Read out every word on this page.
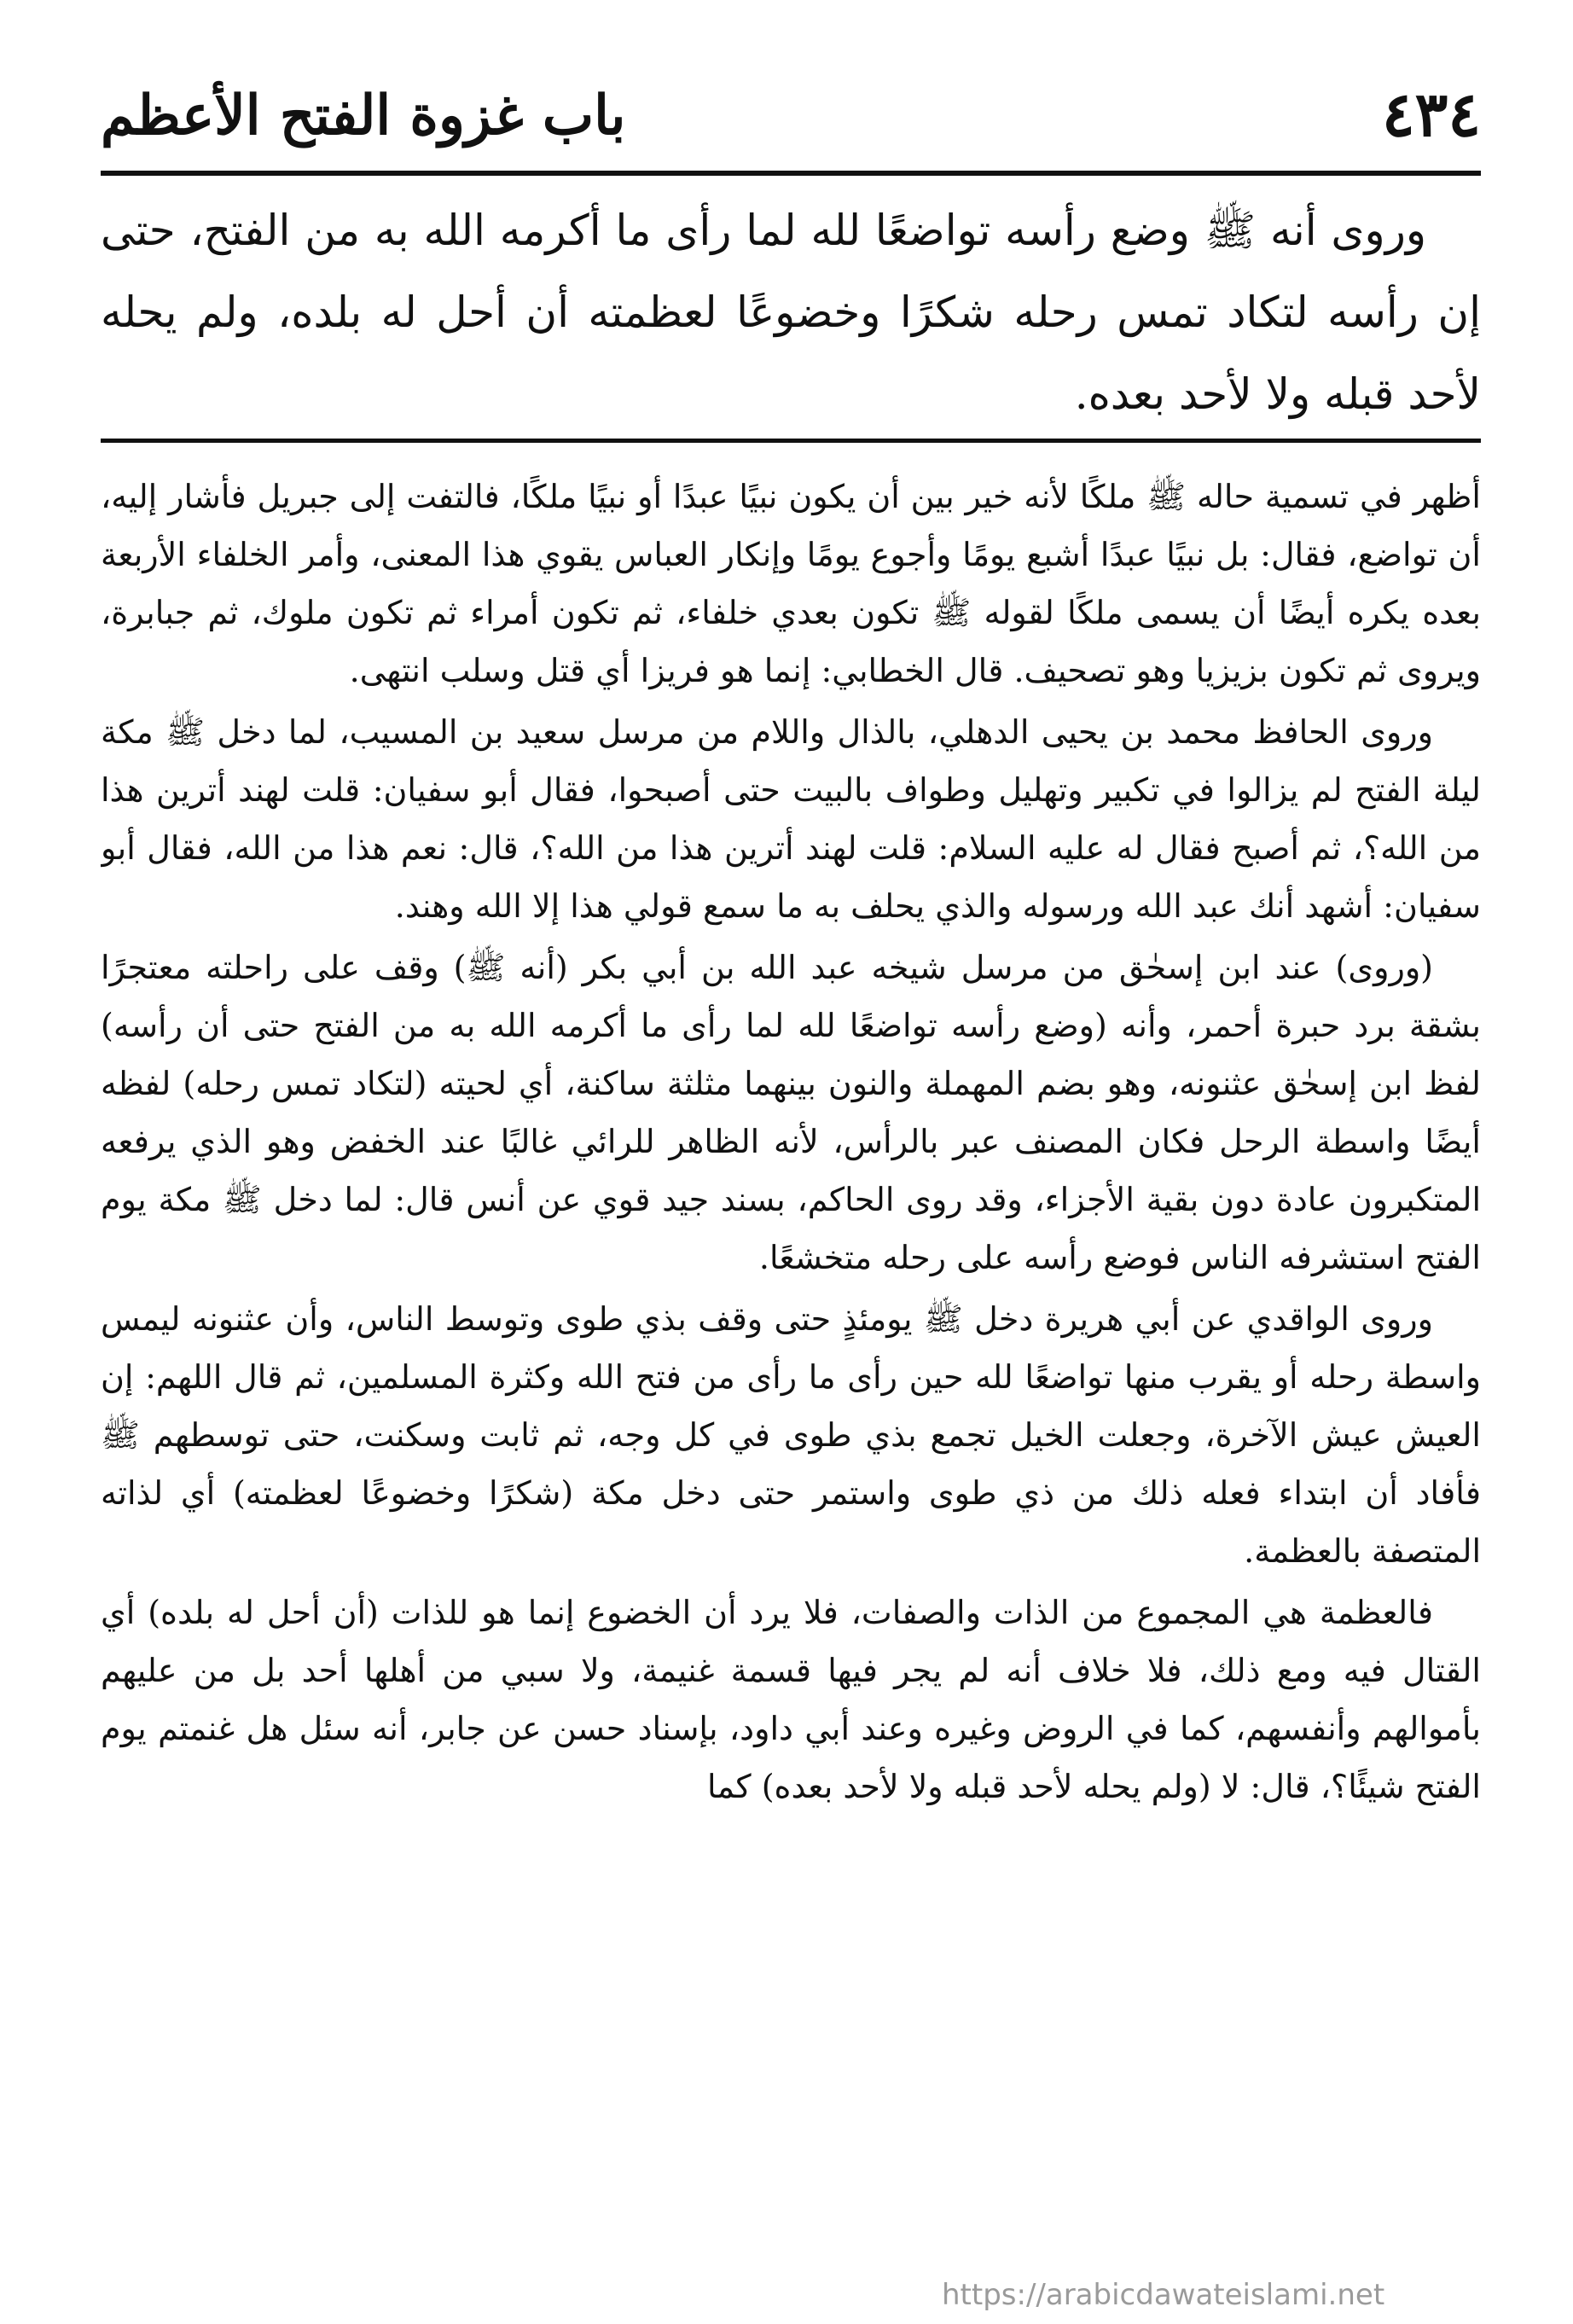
٤٣٤
باب غزوة الفتح الأعظم

وروى أنه ﷺ وضع رأسه تواضعًا لله لما رأى ما أكرمه الله به من الفتح، حتى إن رأسه لتكاد تمس رحله شكرًا وخضوعًا لعظمته أن أحل له بلده، ولم يحله لأحد قبله ولا لأحد بعده.

أظهر في تسمية حاله ﷺ ملكًا لأنه خير بين أن يكون نبيًا عبدًا أو نبيًا ملكًا، فالتفت إلى جبريل فأشار إليه، أن تواضع، فقال: بل نبيًا عبدًا أشبع يومًا وأجوع يومًا وإنكار العباس يقوي هذا المعنى، وأمر الخلفاء الأربعة بعده يكره أيضًا أن يسمى ملكًا لقوله ﷺ تكون بعدي خلفاء، ثم تكون أمراء ثم تكون ملوك، ثم جبابرة، ويروى ثم تكون بزيزيا وهو تصحيف. قال الخطابي: إنما هو فريزا أي قتل وسلب انتهى.

وروى الحافظ محمد بن يحيى الدهلي، بالذال واللام من مرسل سعيد بن المسيب، لما دخل ﷺ مكة ليلة الفتح لم يزالوا في تكبير وتهليل وطواف بالبيت حتى أصبحوا، فقال أبو سفيان: قلت لهند أترين هذا من الله؟، ثم أصبح فقال له عليه السلام: قلت لهند أترين هذا من الله؟، قال: نعم هذا من الله، فقال أبو سفيان: أشهد أنك عبد الله ورسوله والذي يحلف به ما سمع قولي هذا إلا الله وهند.

(وروى) عند ابن إسحٰق من مرسل شيخه عبد الله بن أبي بكر (أنه ﷺ) وقف على راحلته معتجرًا بشقة برد حبرة أحمر، وأنه (وضع رأسه تواضعًا لله لما رأى ما أكرمه الله به من الفتح حتى أن رأسه) لفظ ابن إسحٰق عثنونه، وهو بضم المهملة والنون بينهما مثلثة ساكنة، أي لحيته (لتكاد تمس رحله) لفظه أيضًا واسطة الرحل فكان المصنف عبر بالرأس، لأنه الظاهر للرائي غالبًا عند الخفض وهو الذي يرفعه المتكبرون عادة دون بقية الأجزاء، وقد روى الحاكم، بسند جيد قوي عن أنس قال: لما دخل ﷺ مكة يوم الفتح استشرفه الناس فوضع رأسه على رحله متخشعًا.

وروى الواقدي عن أبي هريرة دخل ﷺ يومئذٍ حتى وقف بذي طوى وتوسط الناس، وأن عثنونه ليمس واسطة رحله أو يقرب منها تواضعًا لله حين رأى ما رأى من فتح الله وكثرة المسلمين، ثم قال اللهم: إن العيش عيش الآخرة، وجعلت الخيل تجمع بذي طوى في كل وجه، ثم ثابت وسكنت، حتى توسطهم ﷺ فأفاد أن ابتداء فعله ذلك من ذي طوى واستمر حتى دخل مكة (شكرًا وخضوعًا لعظمته) أي لذاته المتصفة بالعظمة.

فالعظمة هي المجموع من الذات والصفات، فلا يرد أن الخضوع إنما هو للذات (أن أحل له بلده) أي القتال فيه ومع ذلك، فلا خلاف أنه لم يجر فيها قسمة غنيمة، ولا سبي من أهلها أحد بل من عليهم بأموالهم وأنفسهم، كما في الروض وغيره وعند أبي داود، بإسناد حسن عن جابر، أنه سئل هل غنمتم يوم الفتح شيئًا؟، قال: لا (ولم يحله لأحد قبله ولا لأحد بعده) كما

https://arabicdawateislami.net
